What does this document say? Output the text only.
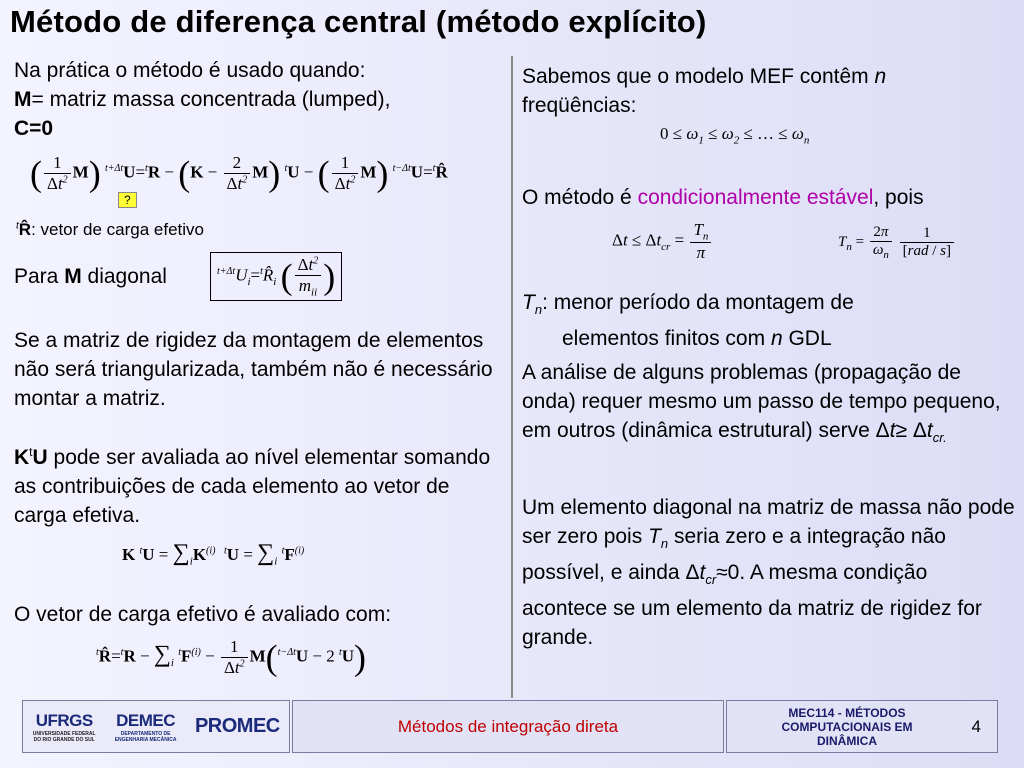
Método de diferença central (método explícito)
Na prática o método é usado quando:
M= matriz massa concentrada (lumped),
C=0
( $\frac{1}{\Delta t^2} M$) $^{t+\Delta t}U=^tR - (K - \frac{2}{\Delta t^2} M)$ $^t$U − ( $\frac{1}{\Delta t^2} M$) $^{t-\Delta t}$U=$^t$R̂
?
$^t$R̂: vetor de carga efetivo
Para M diagonal	$^{t+\Delta t}U_i=^tR̂_i$ ( $\frac{\Delta t^2}{m_{ii}}$ )
Se a matriz de rigidez da montagem de elementos não será triangularizada, também não é necessário montar a matriz.
$K^tU$ pode ser avaliada ao nível elementar somando as contribuições de cada elemento ao vetor de carga efetiva.
K $^tU = \sum_iK^{(i)}$ $^tU = \sum_i$ $^tF^{(i)}$
O vetor de carga efetivo é avaliado com:
$^t$R̂=$^t$R − $\sum_i$ $^tF^{(i)} - \frac{1}{\Delta t^2} M(^{t-\Delta t}U - 2$ $^t$U)
Sabemos que o modelo MEF contêm n
freqüências:
$0 \le \omega_1 \le \omega_2$ ≤ … ≤ $\omega_n$
O método é condicionalmente estável, pois
$\Delta t \le \Delta t_{cr} = \frac{T_n}{\pi}$	$T_n = \frac{2\pi}{\omega_n}$
$\frac{1}{\text{[rad / s]}}$
$T_n$: menor período da montagem de
elementos finitos com n GDL
A análise de alguns problemas (propagação de onda) requer mesmo um passo de tempo pequeno, em outros (dinâmica estrutural) serve $\Delta t\ge \Delta t_{cr.}$
Um elemento diagonal na matriz de massa não pode ser zero pois $T_n$ seria zero e a integração não possível, e ainda $\Delta t_{cr}\approx 0$. A mesma condição acontece se um elemento da matriz de rigidez for grande.
UFRGS
UNIVERSIDADE FEDERAL DO RIO GRANDE DO SUL
DEMEC
DEPARTAMENTO DE ENGENHARIA MECÂNICA
PROMEC	Métodos de integração direta
MEC114 - MÉTODOS COMPUTACIONAIS EM DINÂMICA
4
